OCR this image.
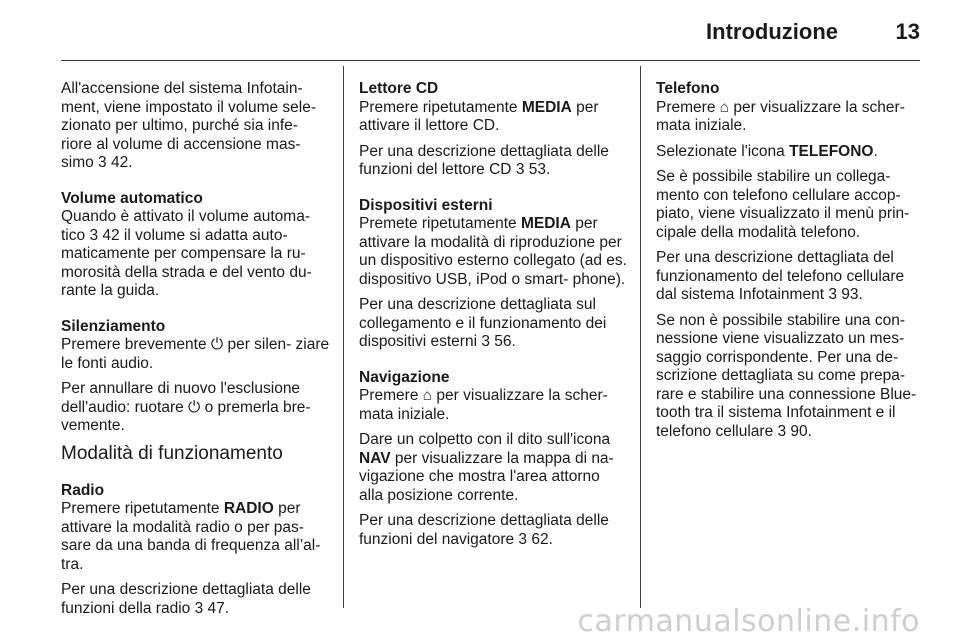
Introduzione	13

All'accensione del sistema Infotain- ment, viene impostato il volume sele- zionato per ultimo, purché sia infe- riore al volume di accensione mas- simo 3 42.

Volume automatico

Quando è attivato il volume automa- tico 3 42 il volume si adatta auto- maticamente per compensare la ru- morosità della strada e del vento du- rante la guida.

Silenziamento

Premere brevemente ⏻ per silen- ziare le fonti audio.

Per annullare di nuovo l'esclusione dell'audio: ruotare ⏻ o premerla bre- vemente.

Modalità di funzionamento
Radio

Premere ripetutamente RADIO per attivare la modalità radio o per pas- sare da una banda di frequenza all’al- tra.

Per una descrizione dettagliata delle funzioni della radio 3 47.

Lettore CD

Premere ripetutamente MEDIA per attivare il lettore CD.

Per una descrizione dettagliata delle funzioni del lettore CD 3 53.

Dispositivi esterni

Premete ripetutamente MEDIA per attivare la modalità di riproduzione per un dispositivo esterno collegato (ad es. dispositivo USB, iPod o smart- phone).

Per una descrizione dettagliata sul collegamento e il funzionamento dei dispositivi esterni 3 56.

Navigazione

Premere ⌂ per visualizzare la scher- mata iniziale.

Dare un colpetto con il dito sull'icona NAV per visualizzare la mappa di na- vigazione che mostra l'area attorno alla posizione corrente.

Per una descrizione dettagliata delle funzioni del navigatore 3 62.

Telefono

Premere ⌂ per visualizzare la scher- mata iniziale.

Selezionate l'icona TELEFONO.

Se è possibile stabilire un collega- mento con telefono cellulare accop- piato, viene visualizzato il menù prin- cipale della modalità telefono.

Per una descrizione dettagliata del funzionamento del telefono cellulare dal sistema Infotainment 3 93.

Se non è possibile stabilire una con- nessione viene visualizzato un mes- saggio corrispondente. Per una de- scrizione dettagliata su come prepa- rare e stabilire una connessione Blue- tooth tra il sistema Infotainment e il telefono cellulare 3 90.

carmanualsonline.info
